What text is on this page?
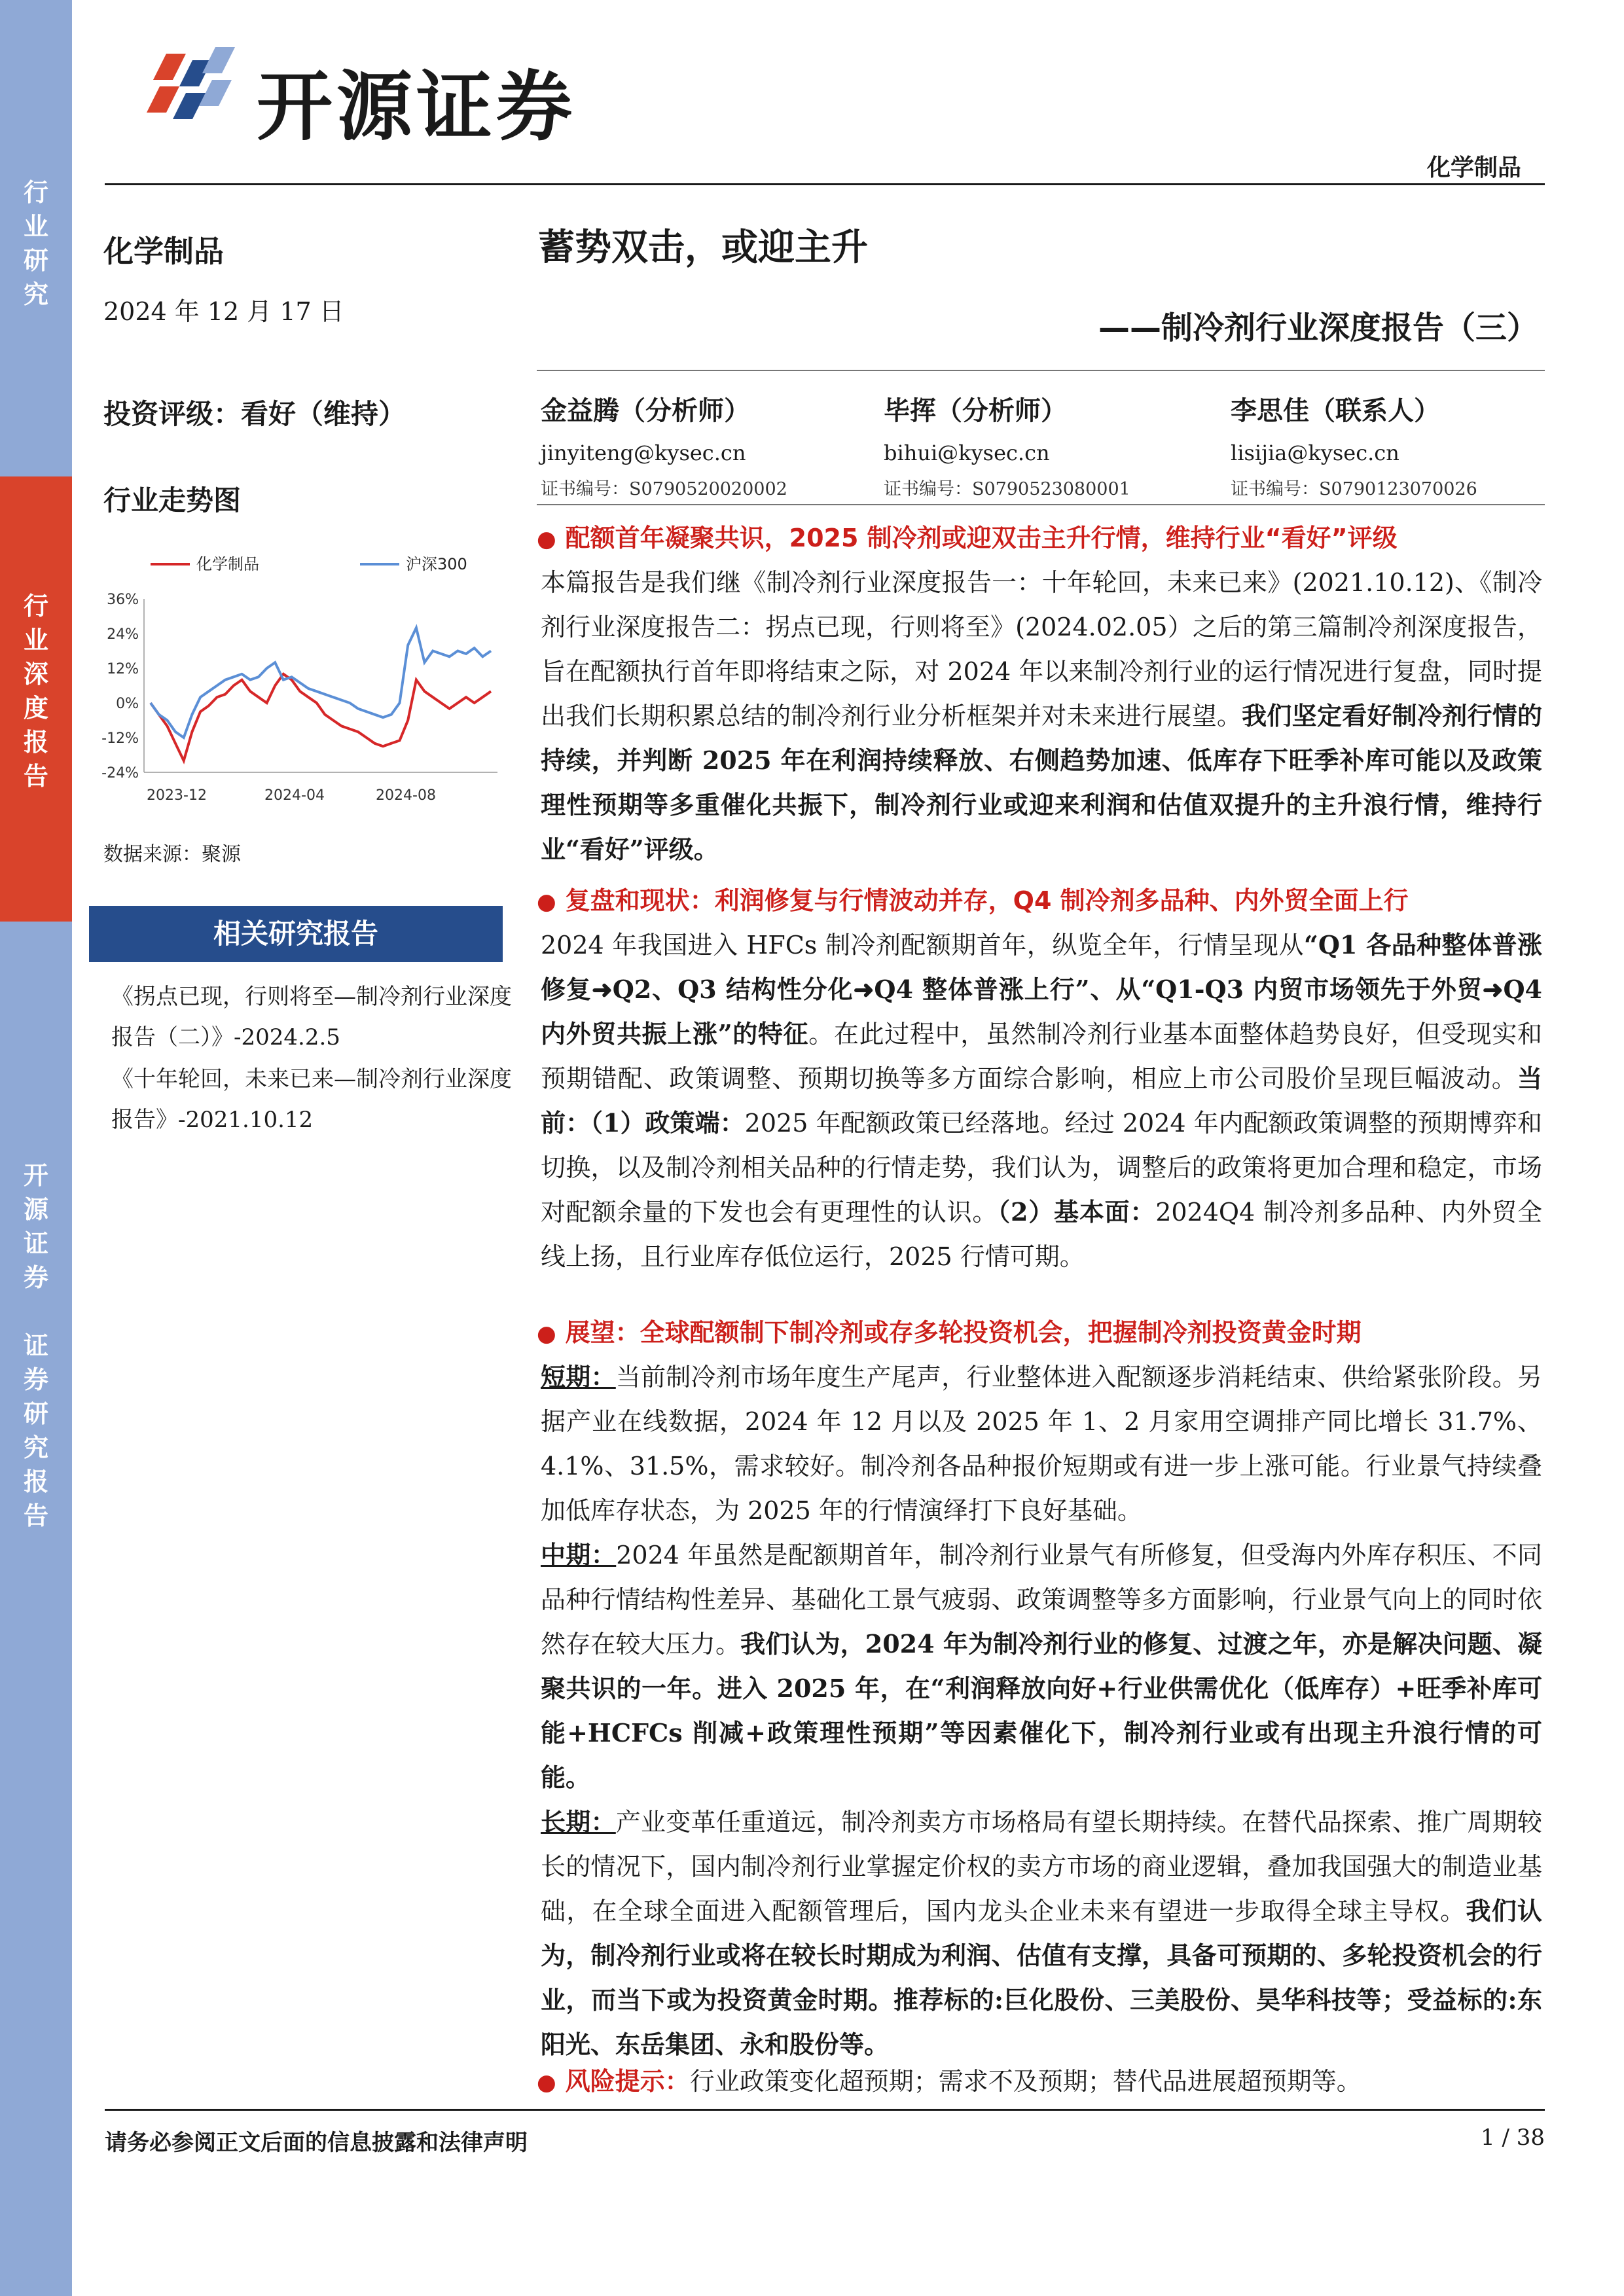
行
业
研
究
行
业
深
度
报
告
开
源
证
券

证
券
研
究
报
告
开源证券
化学制品
化学制品
2024 年 12 月 17 日
投资评级：看好（维持）
行业走势图
36%
24%
12%
0%
-12%
-24%
2023-12	2024-04	2024-08
化学制品	沪深300
数据来源：聚源
相关研究报告
《拐点已现，行则将至—制冷剂行业深度报告（二）》-2024.2.5
《十年轮回，未来已来—制冷剂行业深度报告》-2021.10.12
蓄势双击，或迎主升
——制冷剂行业深度报告（三）
金益腾（分析师）
jinyiteng@kysec.cn
证书编号：S0790520020002
毕挥（分析师）
bihui@kysec.cn
证书编号：S0790523080001
李思佳（联系人）
lisijia@kysec.cn
证书编号：S0790123070026
● 配额首年凝聚共识，2025 制冷剂或迎双击主升行情，维持行业“看好”评级
本篇报告是我们继《制冷剂行业深度报告一：十年轮回，未来已来》(2021.10.12)、《制冷剂行业深度报告二：拐点已现，行则将至》(2024.02.05）之后的第三篇制冷剂深度报告，旨在配额执行首年即将结束之际，对 2024 年以来制冷剂行业的运行情况进行复盘，同时提出我们长期积累总结的制冷剂行业分析框架并对未来进行展望。我们坚定看好制冷剂行情的持续，并判断 2025 年在利润持续释放、右侧趋势加速、低库存下旺季补库可能以及政策理性预期等多重催化共振下，制冷剂行业或迎来利润和估值双提升的主升浪行情，维持行业“看好”评级。
● 复盘和现状：利润修复与行情波动并存，Q4 制冷剂多品种、内外贸全面上行
2024 年我国进入 HFCs 制冷剂配额期首年，纵览全年，行情呈现从“Q1 各品种整体普涨修复➜Q2、Q3 结构性分化➜Q4 整体普涨上行”、从“Q1-Q3 内贸市场领先于外贸➜Q4 内外贸共振上涨”的特征。在此过程中，虽然制冷剂行业基本面整体趋势良好，但受现实和预期错配、政策调整、预期切换等多方面综合影响，相应上市公司股价呈现巨幅波动。当前：（1）政策端：2025 年配额政策已经落地。经过 2024 年内配额政策调整的预期博弈和切换，以及制冷剂相关品种的行情走势，我们认为，调整后的政策将更加合理和稳定，市场对配额余量的下发也会有更理性的认识。（2）基本面：2024Q4 制冷剂多品种、内外贸全线上扬，且行业库存低位运行，2025 行情可期。
● 展望：全球配额制下制冷剂或存多轮投资机会，把握制冷剂投资黄金时期
短期：当前制冷剂市场年度生产尾声，行业整体进入配额逐步消耗结束、供给紧张阶段。另据产业在线数据，2024 年 12 月以及 2025 年 1、2 月家用空调排产同比增长 31.7%、4.1%、31.5%，需求较好。制冷剂各品种报价短期或有进一步上涨可能。行业景气持续叠加低库存状态，为 2025 年的行情演绎打下良好基础。
中期：2024 年虽然是配额期首年，制冷剂行业景气有所修复，但受海内外库存积压、不同品种行情结构性差异、基础化工景气疲弱、政策调整等多方面影响，行业景气向上的同时依然存在较大压力。我们认为，2024 年为制冷剂行业的修复、过渡之年，亦是解决问题、凝聚共识的一年。进入 2025 年，在“利润释放向好+行业供需优化（低库存）+旺季补库可能+HCFCs 削减+政策理性预期”等因素催化下，制冷剂行业或有出现主升浪行情的可能。
长期：产业变革任重道远，制冷剂卖方市场格局有望长期持续。在替代品探索、推广周期较长的情况下，国内制冷剂行业掌握定价权的卖方市场的商业逻辑，叠加我国强大的制造业基础，在全球全面进入配额管理后，国内龙头企业未来有望进一步取得全球主导权。我们认为，制冷剂行业或将在较长时期成为利润、估值有支撑，具备可预期的、多轮投资机会的行业，而当下或为投资黄金时期。推荐标的:巨化股份、三美股份、昊华科技等；受益标的:东阳光、东岳集团、永和股份等。
● 风险提示：行业政策变化超预期；需求不及预期；替代品进展超预期等。
请务必参阅正文后面的信息披露和法律声明	1 / 38
